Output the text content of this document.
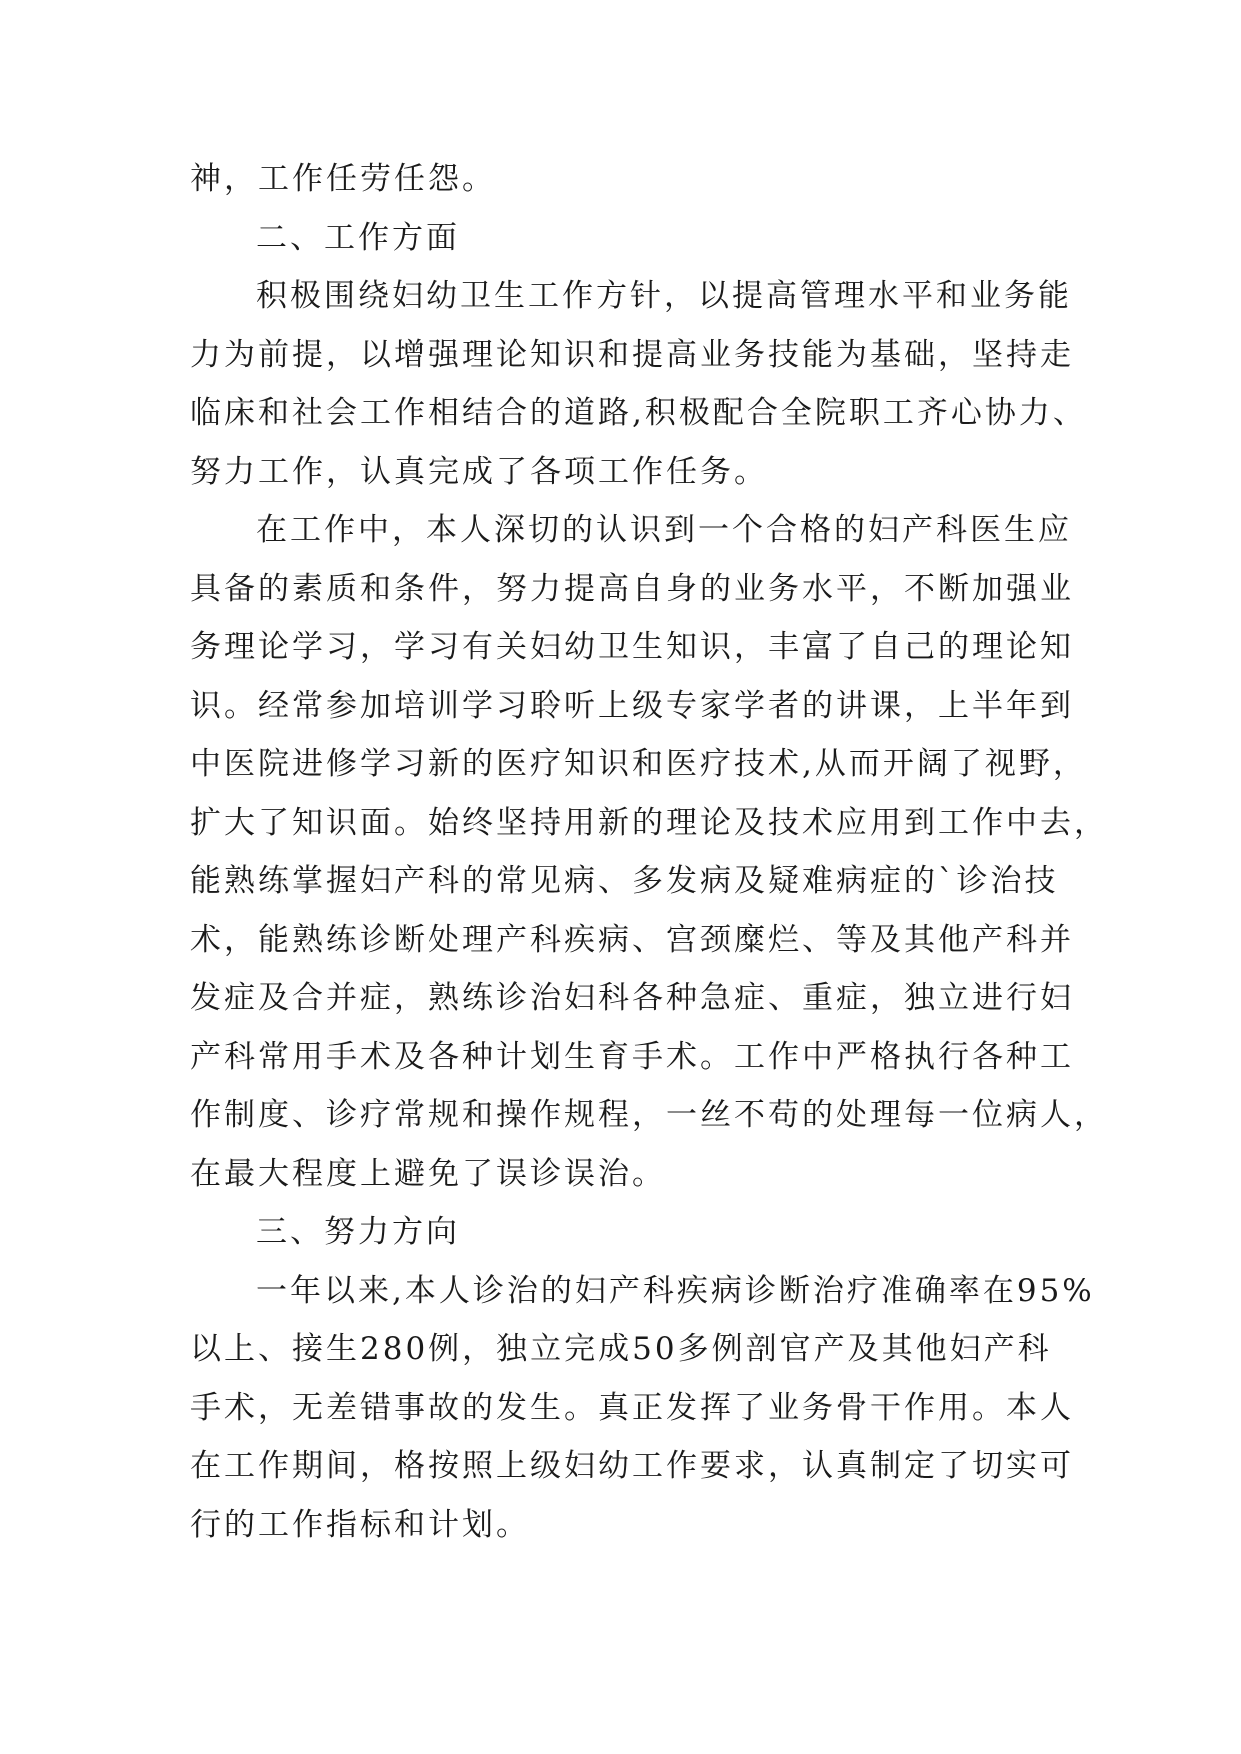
神，工作任劳任怨。
二、工作方面
积极围绕妇幼卫生工作方针，以提高管理水平和业务能
力为前提，以增强理论知识和提高业务技能为基础，坚持走
临床和社会工作相结合的道路,积极配合全院职工齐心协力、
努力工作，认真完成了各项工作任务。
在工作中，本人深切的认识到一个合格的妇产科医生应
具备的素质和条件，努力提高自身的业务水平，不断加强业
务理论学习，学习有关妇幼卫生知识，丰富了自己的理论知
识。经常参加培训学习聆听上级专家学者的讲课，上半年到
中医院进修学习新的医疗知识和医疗技术,从而开阔了视野，
扩大了知识面。始终坚持用新的理论及技术应用到工作中去，
能熟练掌握妇产科的常见病、多发病及疑难病症的`诊治技
术，能熟练诊断处理产科疾病、宫颈糜烂、等及其他产科并
发症及合并症，熟练诊治妇科各种急症、重症，独立进行妇
产科常用手术及各种计划生育手术。工作中严格执行各种工
作制度、诊疗常规和操作规程，一丝不苟的处理每一位病人，
在最大程度上避免了误诊误治。
三、努力方向
一年以来,本人诊治的妇产科疾病诊断治疗准确率在95%
以上、接生280例，独立完成50多例剖官产及其他妇产科
手术，无差错事故的发生。真正发挥了业务骨干作用。本人
在工作期间，格按照上级妇幼工作要求，认真制定了切实可
行的工作指标和计划。
